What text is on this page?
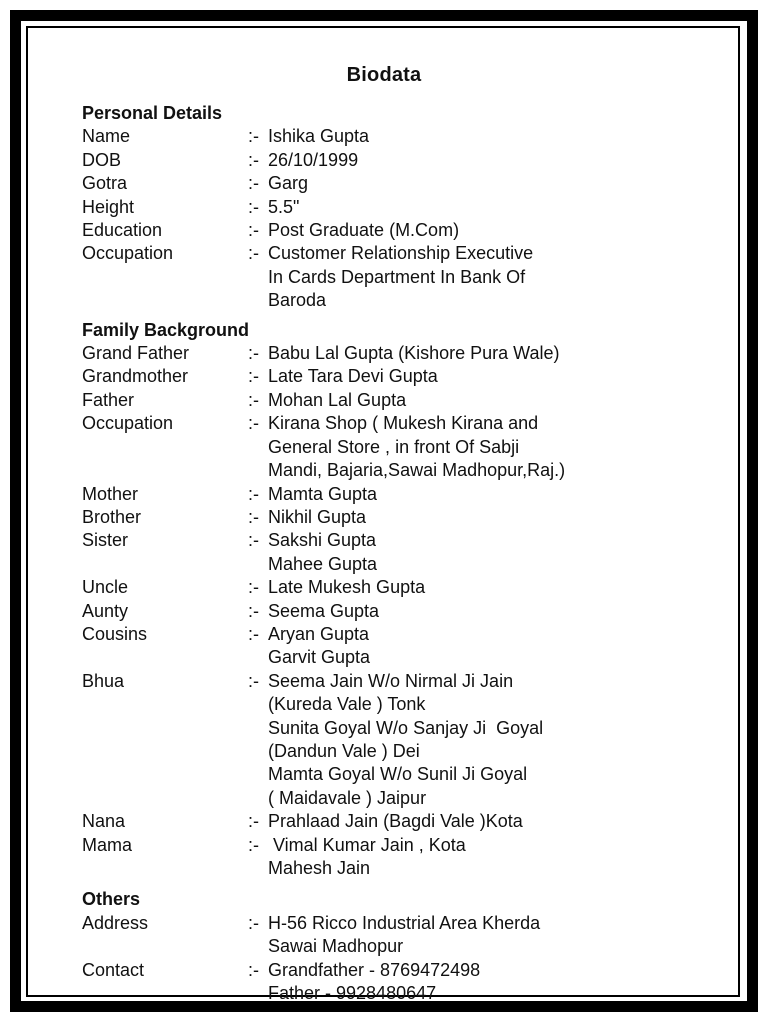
Biodata
Personal Details
Name	:- Ishika Gupta
DOB	:- 26/10/1999
Gotra	:- Garg
Height	:- 5.5"
Education	:- Post Graduate (M.Com)
Occupation	:- Customer Relationship Executive
In Cards Department In Bank Of
Baroda
Family Background
Grand Father	:- Babu Lal Gupta (Kishore Pura Wale)
Grandmother	:- Late Tara Devi Gupta
Father	:- Mohan Lal Gupta
Occupation	:- Kirana Shop ( Mukesh Kirana and
General Store , in front Of Sabji
Mandi, Bajaria,Sawai Madhopur,Raj.)
Mother	:- Mamta Gupta
Brother	:- Nikhil Gupta
Sister	:- Sakshi Gupta
Mahee Gupta
Uncle	:- Late Mukesh Gupta
Aunty	:- Seema Gupta
Cousins	:- Aryan Gupta
Garvit Gupta
Bhua	:- Seema Jain W/o Nirmal Ji Jain
(Kureda Vale ) Tonk
Sunita Goyal W/o Sanjay Ji  Goyal
(Dandun Vale ) Dei
Mamta Goyal W/o Sunil Ji Goyal
( Maidavale ) Jaipur
Nana	:- Prahlaad Jain (Bagdi Vale )Kota
Mama	:- Vimal Kumar Jain , Kota
Mahesh Jain
Others
Address	:- H-56 Ricco Industrial Area Kherda
Sawai Madhopur
Contact	:- Grandfather - 8769472498
Father - 9928480647
